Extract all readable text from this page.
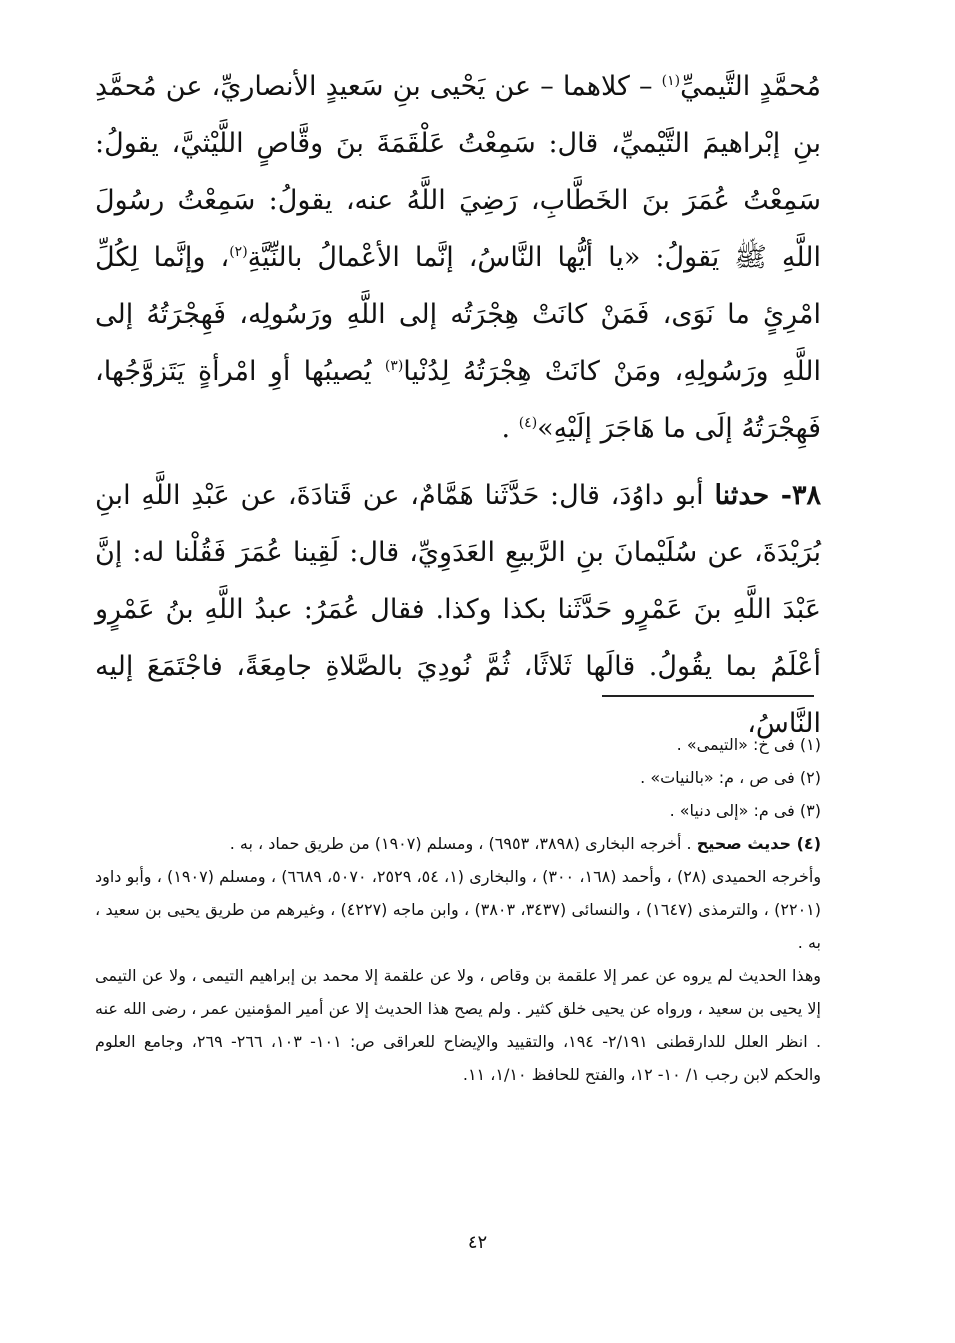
مُحمَّدٍ التَّيميِّ$^{(١)}$ – كلاهما – عن يَحْيى بنِ سَعيدٍ الأنصاريِّ، عن مُحمَّدِ بنِ إبْراهيمَ التَّيْميِّ، قال: سَمِعْتُ عَلْقَمَةَ بنَ وقَّاصٍ اللَّيْثيَّ، يقولُ: سَمِعْتُ عُمَرَ بنَ الخَطَّابِ، رَضِيَ اللَّهُ عنه، يقولُ: سَمِعْتُ رسُولَ اللَّهِ ﷺ يَقولُ: «يا أيُّها النَّاسُ، إنَّما الأعْمالُ بالنِّيَّةِ$^{(٢)}$، وإنَّما لِكُلِّ امْرِئٍ ما نَوَى، فَمَنْ كانَتْ هِجْرَتُه إلى اللَّهِ ورَسُولِه، فَهِجْرَتُهُ إلى اللَّهِ ورَسُولِهِ، ومَنْ كانَتْ هِجْرَتُهُ لِدُنْيا$^{(٣)}$ يُصيبُها أوِ امْرأةٍ يَتَزوَّجُها، فَهِجْرَتُهُ إلَى ما هَاجَرَ إلَيْهِ»$^{(٤)}$ .

٣٨- حدثنا أبو داوُدَ، قال: حَدَّثَنا هَمَّامٌ، عن قَتادَةَ، عن عَبْدِ اللَّهِ ابنِ بُرَيْدَةَ، عن سُلَيْمانَ بنِ الرَّبيعِ العَدَوِيِّ، قال: لَقِينا عُمَرَ فَقُلْنا له: إنَّ عَبْدَ اللَّهِ بنَ عَمْرٍو حَدَّثَنا بكذا وكذا. فقال عُمَرُ: عبدُ اللَّهِ بنُ عَمْرٍو أعْلَمُ بما يقُولُ. قالَها ثَلاثًا، ثُمَّ نُودِيَ بالصَّلاةِ جامِعَةً، فاجْتَمَعَ إليه النَّاسُ،

(١) فى خ: «التيمى» .

(٢) فى ص ، م: «بالنيات» .

(٣) فى م: «إلى دنيا» .

(٤) حديث صحيح . أخرجه البخارى (٣٨٩٨، ٦٩٥٣) ، ومسلم (١٩٠٧) من طريق حماد ، به .

وأخرجه الحميدى (٢٨) ، وأحمد (١٦٨، ٣٠٠) ، والبخارى (١، ٥٤، ٢٥٢٩، ٥٠٧٠، ٦٦٨٩) ، ومسلم (١٩٠٧) ، وأبو داود (٢٢٠١) ، والترمذى (١٦٤٧) ، والنسائى (٣٤٣٧، ٣٨٠٣) ، وابن ماجه (٤٢٢٧) ، وغيرهم من طريق يحيى بن سعيد ، به .

وهذا الحديث لم يروه عن عمر إلا علقمة بن وقاص ، ولا عن علقمة إلا محمد بن إبراهيم التيمى ، ولا عن التيمى إلا يحيى بن سعيد ، ورواه عن يحيى خلق كثير . ولم يصح هذا الحديث إلا عن أمير المؤمنين عمر ، رضى الله عنه . انظر العلل للدارقطنى ٢/١٩١- ١٩٤، والتقييد والإيضاح للعراقى ص: ١٠١- ١٠٣، ٢٦٦- ٢٦٩، وجامع العلوم والحكم لابن رجب ١/ ١٠- ١٢، والفتح للحافظ ١/١٠، ١١.

٤٢
